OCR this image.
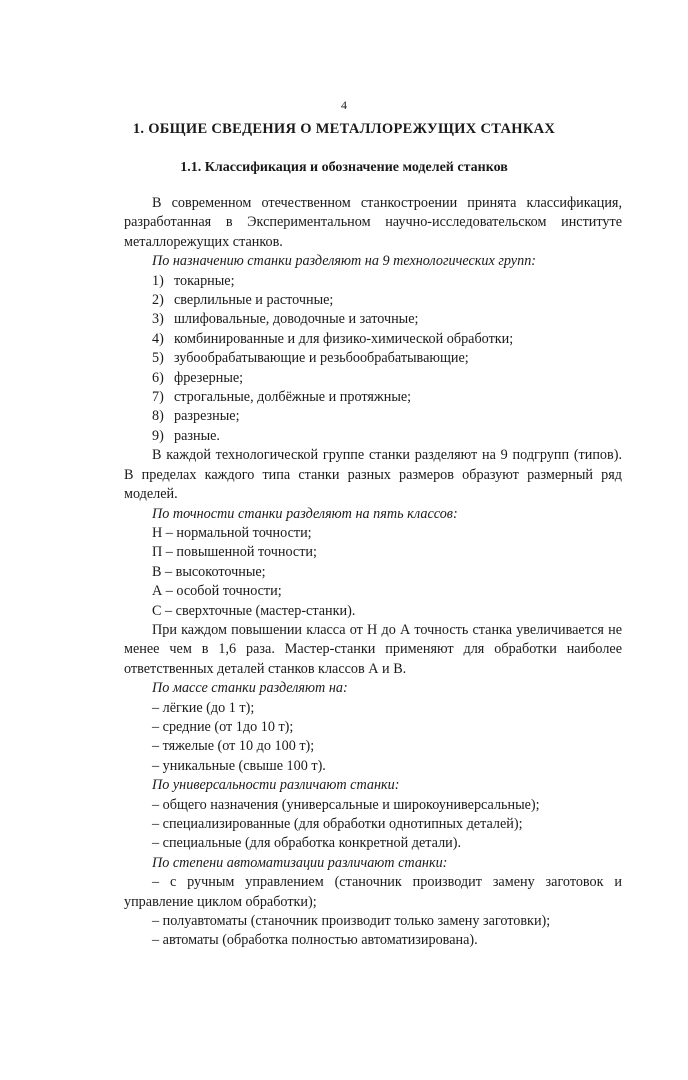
4
1. ОБЩИЕ СВЕДЕНИЯ О МЕТАЛЛОРЕЖУЩИХ СТАНКАХ
1.1. Классификация и обозначение моделей станков

В современном отечественном станкостроении принята классификация, разработанная в Экспериментальном научно-исследовательском институте металлорежущих станков.

По назначению станки разделяют на 9 технологических групп:

1) токарные;
2) сверлильные и расточные;
3) шлифовальные, доводочные и заточные;
4) комбинированные и для физико-химической обработки;
5) зубообрабатывающие и резьбообрабатывающие;
6) фрезерные;
7) строгальные, долбёжные и протяжные;
8) разрезные;
9) разные.

В каждой технологической группе станки разделяют на 9 подгрупп (типов). В пределах каждого типа станки разных размеров образуют размерный ряд моделей.

По точности станки разделяют на пять классов:

Н – нормальной точности;
П – повышенной точности;
В – высокоточные;
А – особой точности;
С – сверхточные (мастер-станки).

При каждом повышении класса от Н до А точность станка увеличивается не менее чем в 1,6 раза. Мастер-станки применяют для обработки наиболее ответственных деталей станков классов А и В.

По массе станки разделяют на:

– лёгкие (до 1 т);
– средние (от 1до 10 т);
– тяжелые (от 10 до 100 т);
– уникальные (свыше 100 т).

По универсальности различают станки:

– общего назначения (универсальные и широкоуниверсальные);
– специализированные (для обработки однотипных деталей);
– специальные (для обработка конкретной детали).

По степени автоматизации различают станки:

– с ручным управлением (станочник производит замену заготовок и управление циклом обработки);
– полуавтоматы (станочник производит только замену заготовки);
– автоматы (обработка полностью автоматизирована).
